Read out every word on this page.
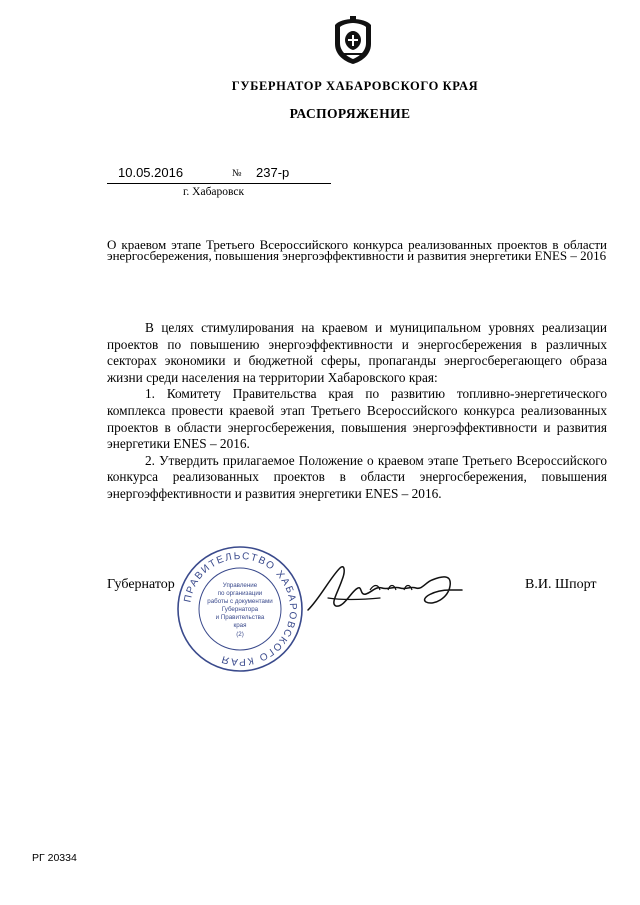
ГУБЕРНАТОР ХАБАРОВСКОГО КРАЯ
РАСПОРЯЖЕНИЕ
10.05.2016	№ 237-р
г. Хабаровск
О краевом этапе Третьего Всероссийского конкурса реализованных проектов в области энергосбережения, повышения энергоэффективности и развития энергетики ENES – 2016

В целях стимулирования на краевом и муниципальном уровнях реализации проектов по повышению энергоэффективности и энергосбережения в различных секторах экономики и бюджетной сферы, пропаганды энергосберегающего образа жизни среди населения на территории Хабаровского края:

1. Комитету Правительства края по развитию топливно-энергетического комплекса провести краевой этап Третьего Всероссийского конкурса реализованных проектов в области энергосбережения, повышения энергоэффективности и развития энергетики ENES – 2016.

2. Утвердить прилагаемое Положение о краевом этапе Третьего Всероссийского конкурса реализованных проектов в области энергосбережения, повышения энергоэффективности и развития энергетики ENES – 2016.

Губернатор	В.И. Шпорт
ПРАВИТЕЛЬСТВО ХАБАРОВСКОГО КРАЯ
Управление
по организации
работы с документами
Губернатора
и Правительства
края
(2)
РГ 20334
